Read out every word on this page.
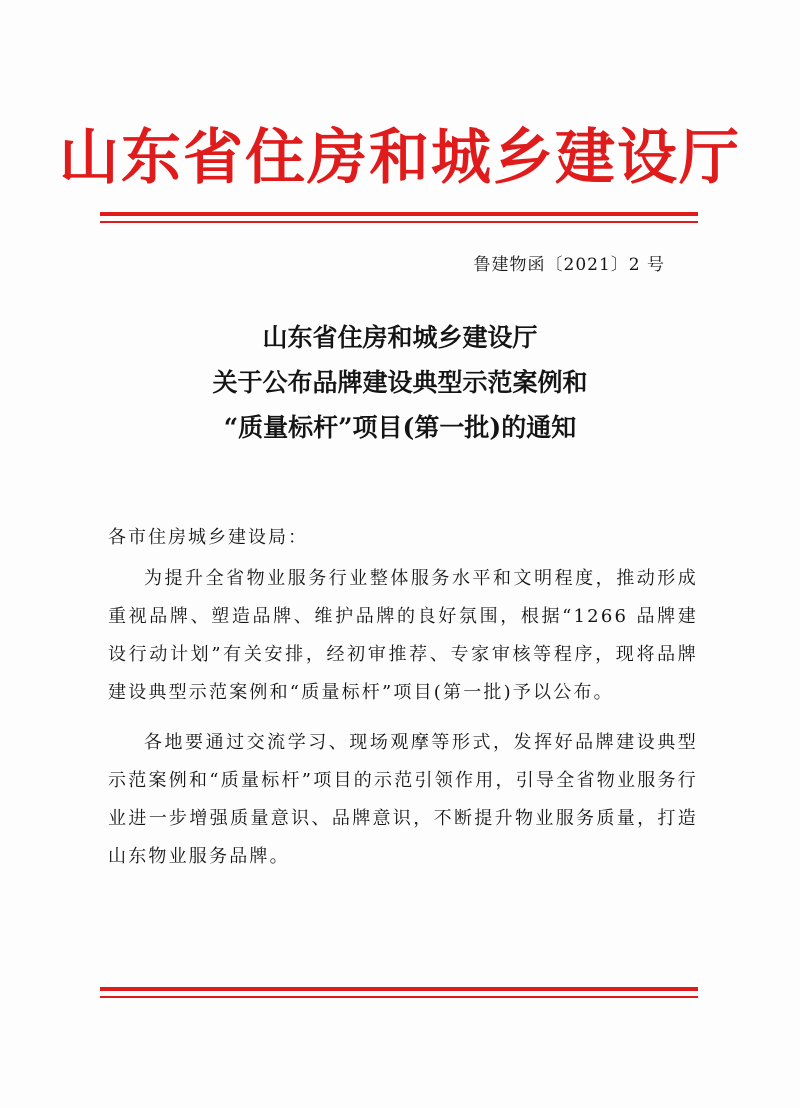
山东省住房和城乡建设厅
鲁建物函〔2021〕2 号
山东省住房和城乡建设厅
关于公布品牌建设典型示范案例和
“质量标杆”项目(第一批)的通知
各市住房城乡建设局：

为提升全省物业服务行业整体服务水平和文明程度，推动形成重视品牌、塑造品牌、维护品牌的良好氛围，根据“1266 品牌建设行动计划”有关安排，经初审推荐、专家审核等程序，现将品牌建设典型示范案例和“质量标杆”项目(第一批)予以公布。

各地要通过交流学习、现场观摩等形式，发挥好品牌建设典型示范案例和“质量标杆”项目的示范引领作用，引导全省物业服务行业进一步增强质量意识、品牌意识，不断提升物业服务质量，打造山东物业服务品牌。
